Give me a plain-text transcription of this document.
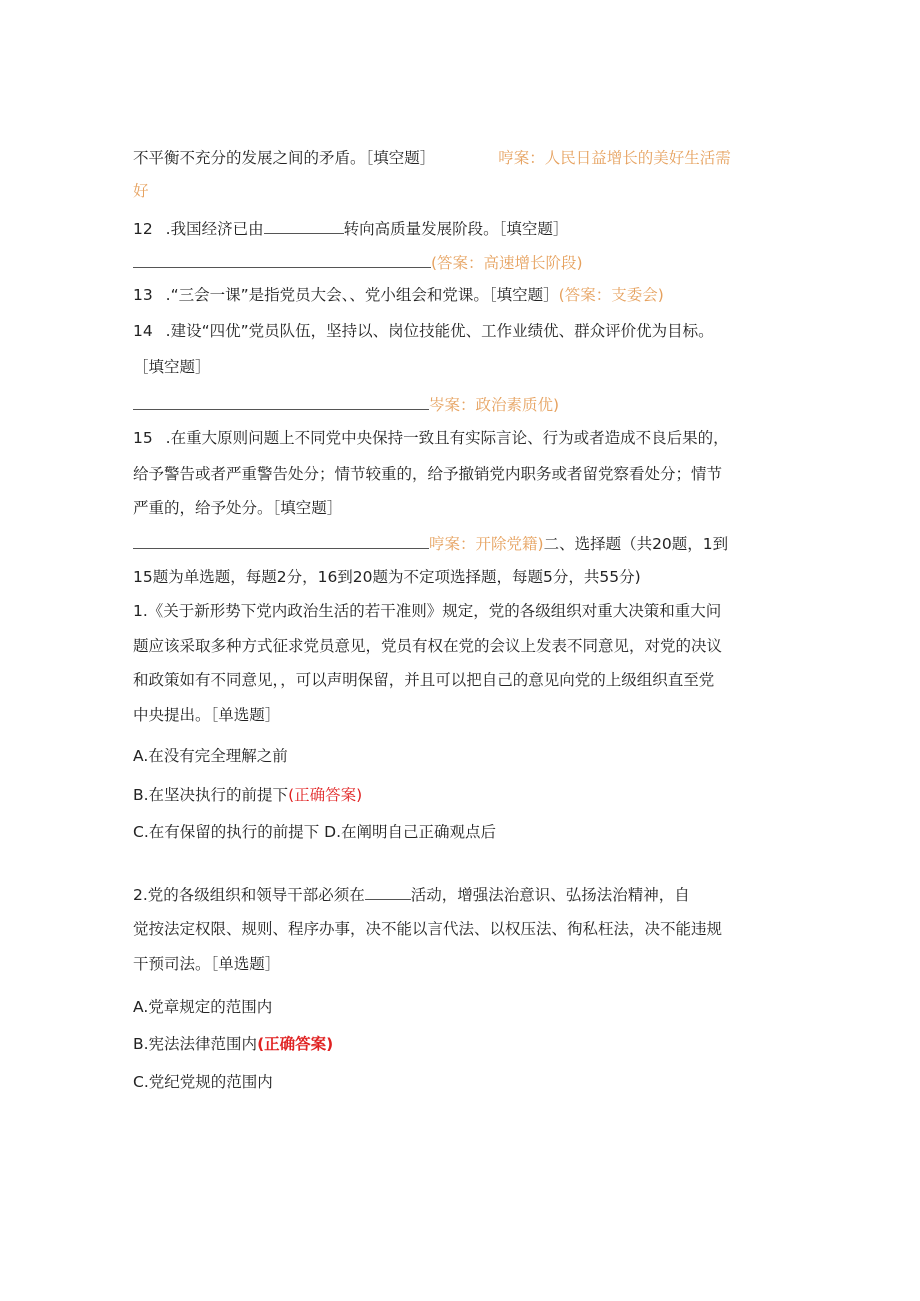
不平衡不充分的发展之间的矛盾。［填空题］	哼案：人民日益增长的美好生活需
好
12 .我国经济已由	转向高质量发展阶段。［填空题］
(答案：高速增长阶段)
13 .“三会一课”是指党员大会、、党小组会和党课。［填空题］(答案：支委会)
14 .建设“四优”党员队伍，坚持以、岗位技能优、工作业绩优、群众评价优为目标。
［填空题］
岑案：政治素质优)
15 .在重大原则问题上不同党中央保持一致且有实际言论、行为或者造成不良后果的，
给予警告或者严重警告处分；情节较重的，给予撤销党内职务或者留党察看处分；情节
严重的，给予处分。［填空题］
哼案：开除党籍)二、选择题（共20题，1到
15题为单选题，每题2分，16到20题为不定项选择题，每题5分，共55分)
1.《关于新形势下党内政治生活的若干准则》规定，党的各级组织对重大决策和重大问
题应该采取多种方式征求党员意见，党员有权在党的会议上发表不同意见，对党的决议
和政策如有不同意见，，可以声明保留，并且可以把自己的意见向党的上级组织直至党
中央提出。［单选题］
A.在没有完全理解之前
B.在坚决执行的前提下(正确答案)
C.在有保留的执行的前提下 D.在阐明自己正确观点后
2.党的各级组织和领导干部必须在	活动，增强法治意识、弘扬法治精神，自
觉按法定权限、规则、程序办事，决不能以言代法、以权压法、徇私枉法，决不能违规
干预司法。［单选题］
A.党章规定的范围内
B.宪法法律范围内(正确答案)
C.党纪党规的范围内
